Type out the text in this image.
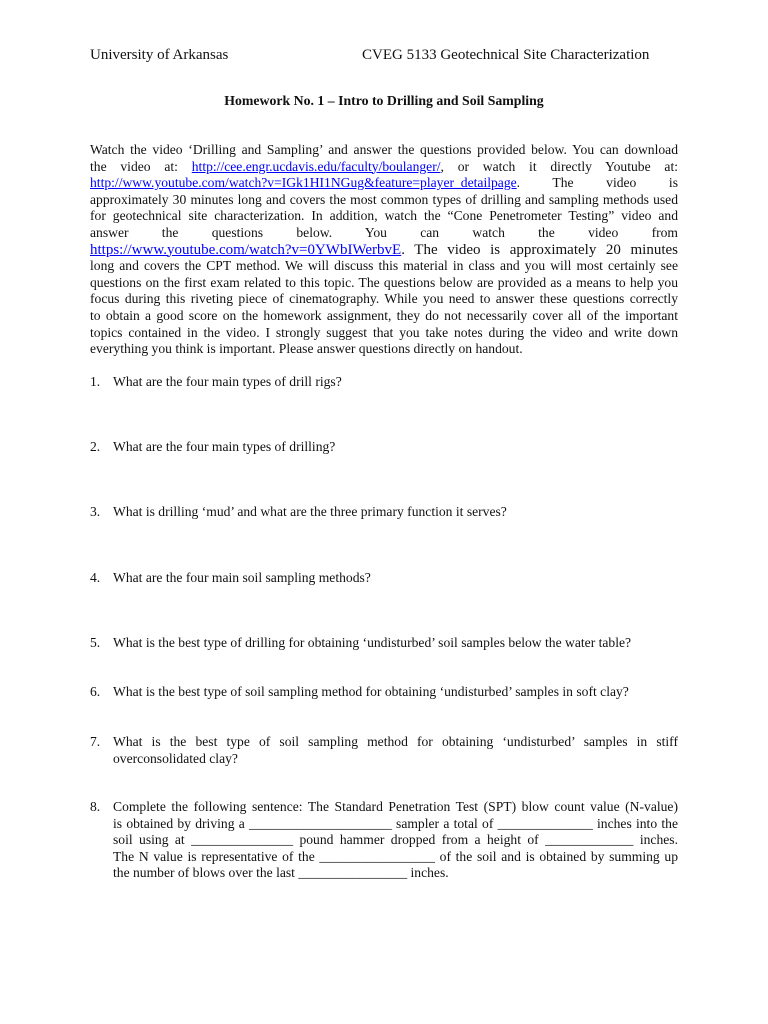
University of Arkansas	CVEG 5133 Geotechnical Site Characterization
Homework No. 1 – Intro to Drilling and Soil Sampling
Watch the video ‘Drilling and Sampling’ and answer the questions provided below. You can download
the video at: http://cee.engr.ucdavis.edu/faculty/boulanger/, or watch it directly Youtube at:
http://www.youtube.com/watch?v=IGk1HI1NGug&feature=player_detailpage. The video is
approximately 30 minutes long and covers the most common types of drilling and sampling methods used
for geotechnical site characterization. In addition, watch the “Cone Penetrometer Testing” video and
answer the questions below. You can watch the video from
https://www.youtube.com/watch?v=0YWbIWerbvE. The video is approximately 20 minutes
long and covers the CPT method. We will discuss this material in class and you will most certainly see
questions on the first exam related to this topic. The questions below are provided as a means to help you
focus during this riveting piece of cinematography. While you need to answer these questions correctly
to obtain a good score on the homework assignment, they do not necessarily cover all of the important
topics contained in the video. I strongly suggest that you take notes during the video and write down
everything you think is important. Please answer questions directly on handout.
1. What are the four main types of drill rigs?
2. What are the four main types of drilling?
3. What is drilling ‘mud’ and what are the three primary function it serves?
4. What are the four main soil sampling methods?
5. What is the best type of drilling for obtaining ‘undisturbed’ soil samples below the water table?
6. What is the best type of soil sampling method for obtaining ‘undisturbed’ samples in soft clay?
7. What is the best type of soil sampling method for obtaining ‘undisturbed’ samples in stiff
overconsolidated clay?
8. Complete the following sentence: The Standard Penetration Test (SPT) blow count value (N-value)
is obtained by driving a _____________________ sampler a total of ______________ inches into the
soil using at _______________ pound hammer dropped from a height of _____________ inches.
The N value is representative of the _________________ of the soil and is obtained by summing up
the number of blows over the last ________________ inches.
